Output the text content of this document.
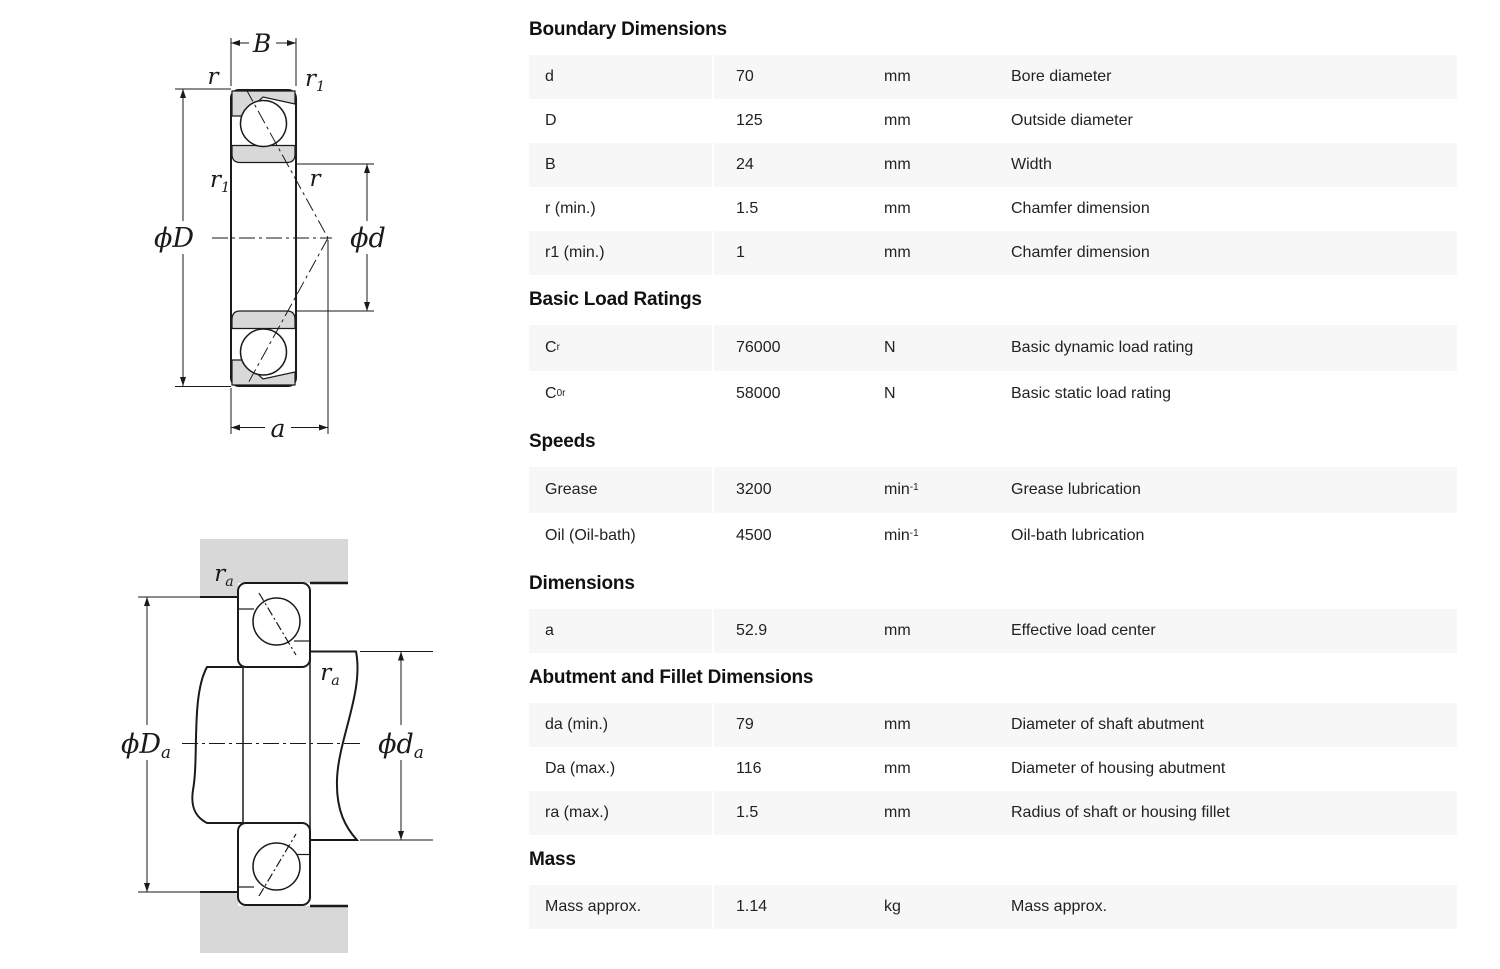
B
r	$r_1$
ϕD	ϕd
$r_1$	r
a
$r_a$
$r_a$
ϕDa	ϕda
Boundary Dimensions
d	70	mm	Bore diameter
D	125	mm	Outside diameter
B	24	mm	Width
r (min.)	1.5	mm	Chamfer dimension
r1 (min.)	1	mm	Chamfer dimension
Basic Load Ratings
C r	76000	N	Basic dynamic load rating
C 0r	58000	N	Basic static load rating
Speeds
Grease	3200	$\min^{-1}$	Grease lubrication
Oil (Oil-bath)	4500	$\min^{-1}$	Oil-bath lubrication
Dimensions
a	52.9	mm	Effective load center
Abutment and Fillet Dimensions
da (min.)	79	mm	Diameter of shaft abutment
Da (max.)	116	mm	Diameter of housing abutment
ra (max.)	1.5	mm	Radius of shaft or housing fillet
Mass
Mass approx.	1.14	kg	Mass approx.
